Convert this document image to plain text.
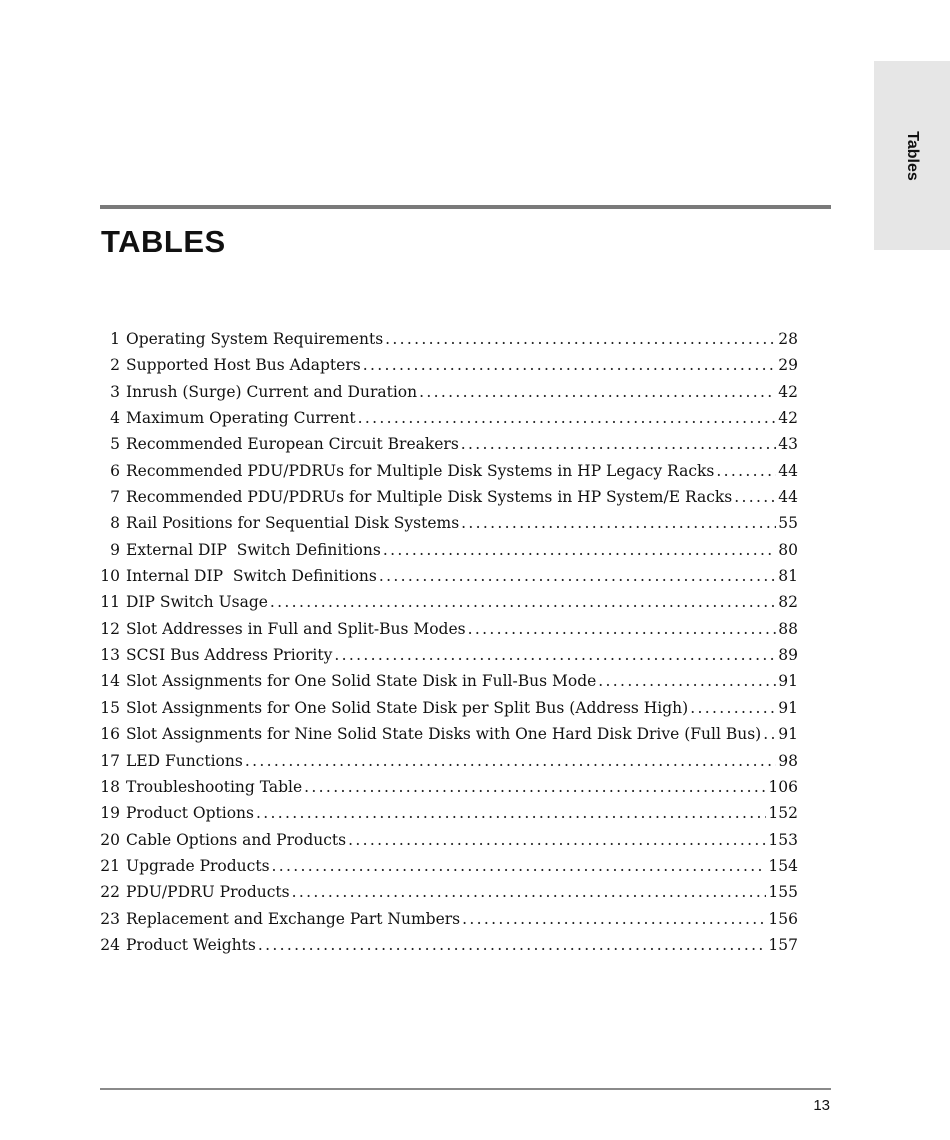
Tables
TABLES
1 Operating System Requirements . . .	28
2 Supported Host Bus Adapters . . .	29
3 Inrush (Surge) Current and Duration . . .	42
4 Maximum Operating Current . . .	42
5 Recommended European Circuit Breakers . . .	43
6 Recommended PDU/PDRUs for Multiple Disk Systems in HP Legacy Racks . . .	44
7 Recommended PDU/PDRUs for Multiple Disk Systems in HP System/E Racks . . .	44
8 Rail Positions for Sequential Disk Systems . . .	55
9 External DIP  Switch Definitions . . .	80
10 Internal DIP  Switch Definitions . . .	81
11 DIP Switch Usage . . .	82
12 Slot Addresses in Full and Split-Bus Modes . . .	88
13 SCSI Bus Address Priority . . .	89
14 Slot Assignments for One Solid State Disk in Full-Bus Mode . . .	91
15 Slot Assignments for One Solid State Disk per Split Bus (Address High) . . .	91
16 Slot Assignments for Nine Solid State Disks with One Hard Disk Drive (Full Bus) . . . 91
17 LED Functions . . .	98
18 Troubleshooting Table . . .	106
19 Product Options . . .	152
20 Cable Options and Products . . .	153
21 Upgrade Products . . .	154
22 PDU/PDRU Products . . .	155
23 Replacement and Exchange Part Numbers . . .	156
24 Product Weights . . .	157
13
